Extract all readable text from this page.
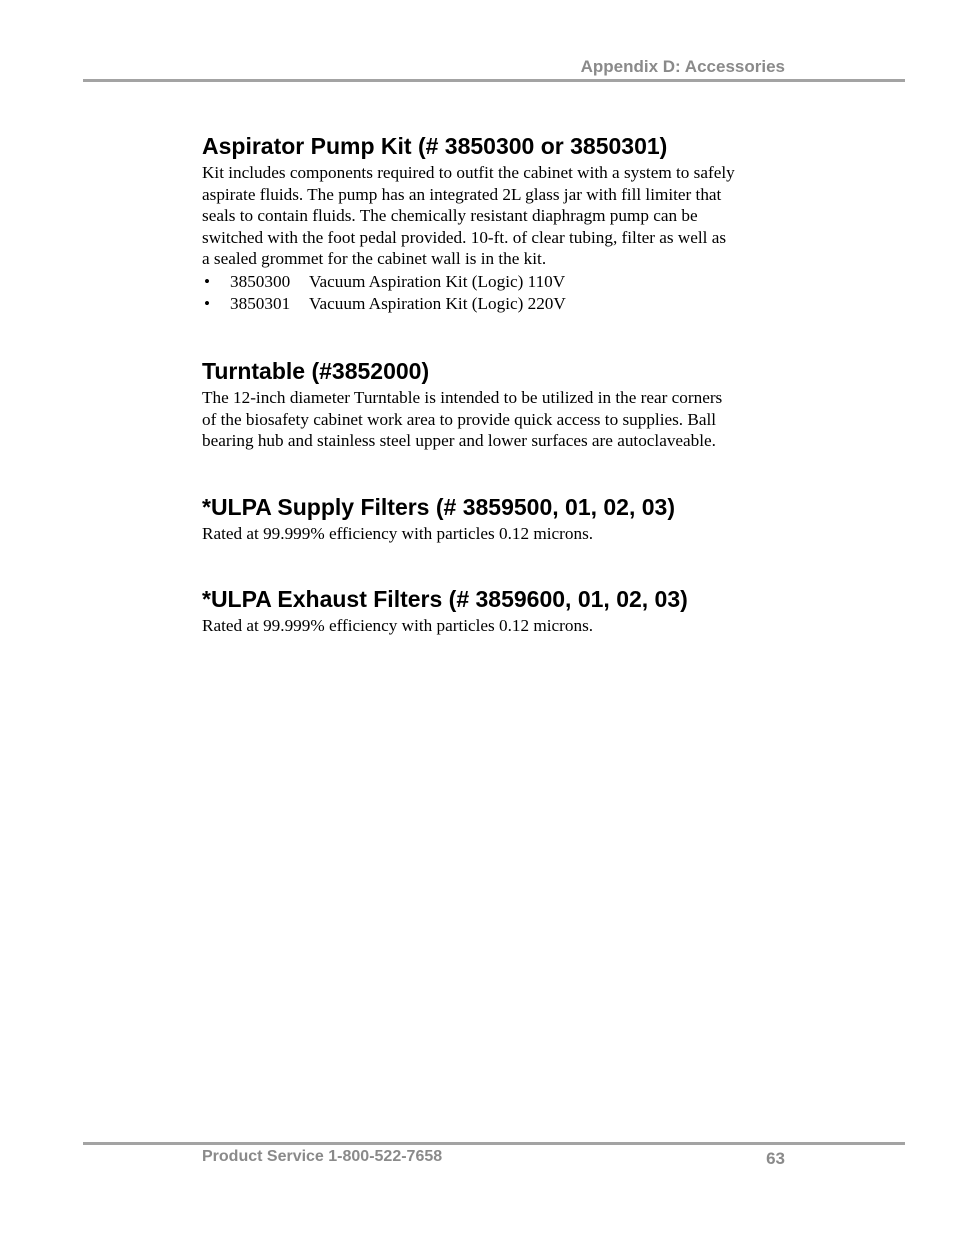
Appendix D: Accessories
Aspirator Pump Kit (# 3850300 or 3850301)

Kit includes components required to outfit the cabinet with a system to safely
aspirate fluids. The pump has an integrated 2L glass jar with fill limiter that
seals to contain fluids. The chemically resistant diaphragm pump can be
switched with the foot pedal provided. 10-ft. of clear tubing, filter as well as
a sealed grommet for the cabinet wall is in the kit.

• 3850300 Vacuum Aspiration Kit (Logic) 110V
• 3850301 Vacuum Aspiration Kit (Logic) 220V
Turntable (#3852000)

The 12-inch diameter Turntable is intended to be utilized in the rear corners
of the biosafety cabinet work area to provide quick access to supplies. Ball
bearing hub and stainless steel upper and lower surfaces are autoclaveable.

*ULPA Supply Filters (# 3859500, 01, 02, 03)

Rated at 99.999% efficiency with particles 0.12 microns.

*ULPA Exhaust Filters (# 3859600, 01, 02, 03)

Rated at 99.999% efficiency with particles 0.12 microns.

Product Service 1-800-522-7658	63
